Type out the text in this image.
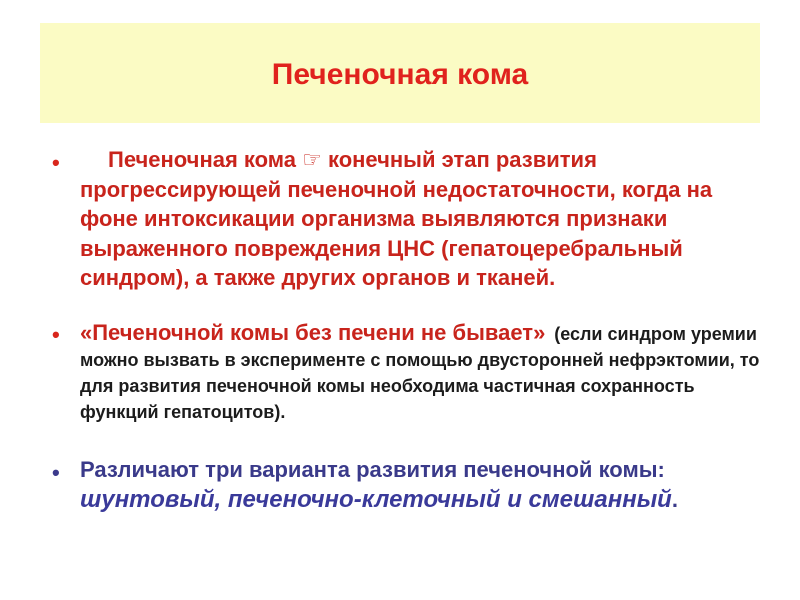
Печеночная кома
•	Печеночная кома ☞ конечный этап развития прогрессирующей печеночной недостаточности, когда на фоне интоксикации организма выявляются признаки выраженного повреждения ЦНС (гепатоцеребральный синдром), а также других органов и тканей.
• «Печеночной комы без печени не бывает» (если синдром уремии можно вызвать в эксперименте с помощью двусторонней нефрэктомии, то для развития печеночной комы необходима частичная сохранность функций гепатоцитов).
• Различают три варианта развития печеночной комы: шунтовый, печеночно-клеточный и смешанный.
